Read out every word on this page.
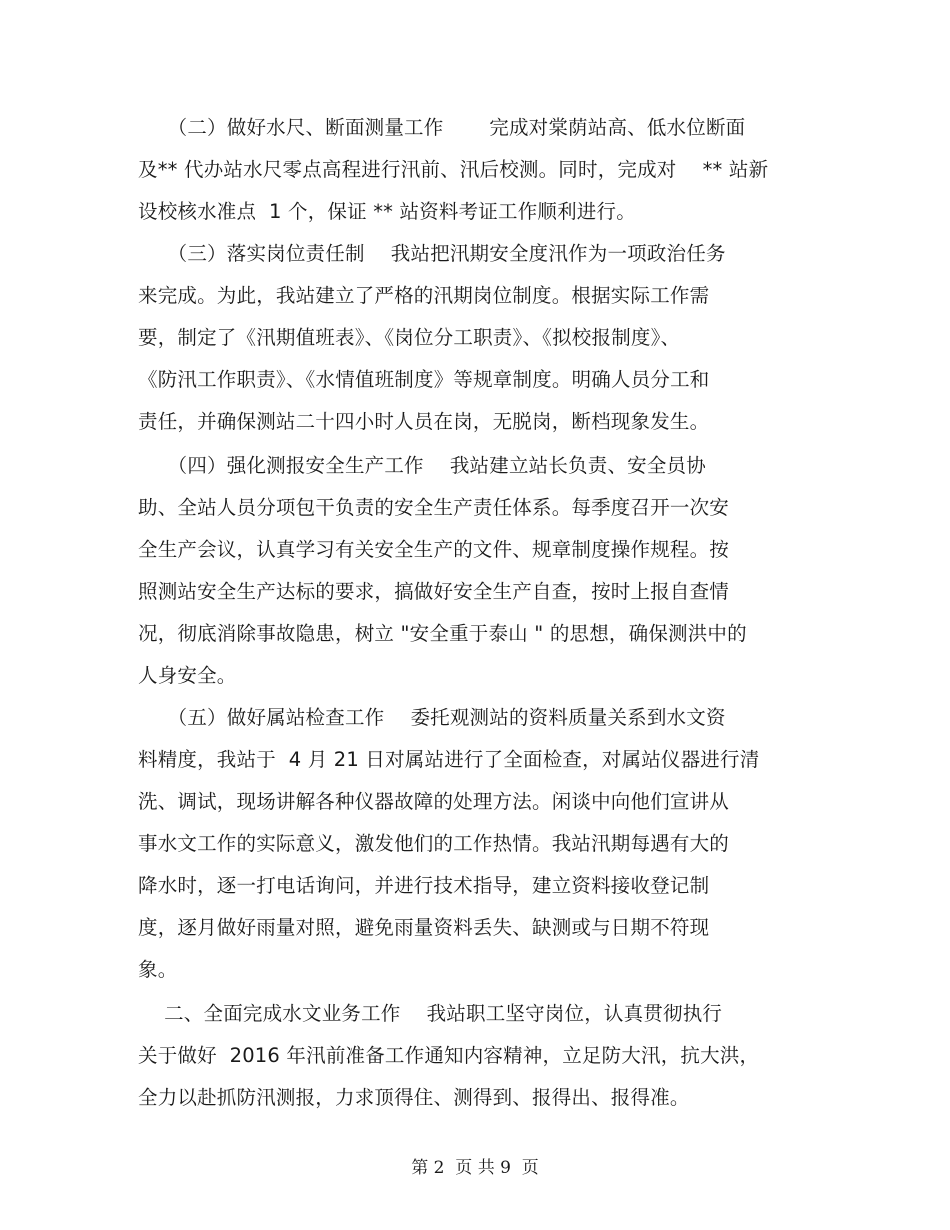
　　（二）做好水尺、断面测量工作　　 完成对棠荫站高、低水位断面
及** 代办站水尺零点高程进行汛前、汛后校测。同时，完成对　 ** 站新
设校核水准点  1 个，保证 ** 站资料考证工作顺利进行。
　　（三）落实岗位责任制　 我站把汛期安全度汛作为一项政治任务
来完成。为此，我站建立了严格的汛期岗位制度。根据实际工作需
要，制定了《汛期值班表》、《岗位分工职责》、《拟校报制度》、
《防汛工作职责》、《水情值班制度》等规章制度。明确人员分工和
责任，并确保测站二十四小时人员在岗，无脱岗，断档现象发生。
　　（四）强化测报安全生产工作　 我站建立站长负责、安全员协
助、全站人员分项包干负责的安全生产责任体系。每季度召开一次安
全生产会议，认真学习有关安全生产的文件、规章制度操作规程。按
照测站安全生产达标的要求，搞做好安全生产自查，按时上报自查情
况，彻底消除事故隐患，树立 "安全重于泰山 " 的思想，确保测洪中的
人身安全。
　　（五）做好属站检查工作　 委托观测站的资料质量关系到水文资
料精度，我站于  4 月 21 日对属站进行了全面检查，对属站仪器进行清
洗、调试，现场讲解各种仪器故障的处理方法。闲谈中向他们宣讲从
事水文工作的实际意义，激发他们的工作热情。我站汛期每遇有大的
降水时，逐一打电话询问，并进行技术指导，建立资料接收登记制
度，逐月做好雨量对照，避免雨量资料丢失、缺测或与日期不符现
象。
　 二、全面完成水文业务工作　 我站职工坚守岗位，认真贯彻执行
关于做好  2016 年汛前准备工作通知内容精神，立足防大汛，抗大洪，
全力以赴抓防汛测报，力求顶得住、测得到、报得出、报得准。
第 2  页 共 9  页
